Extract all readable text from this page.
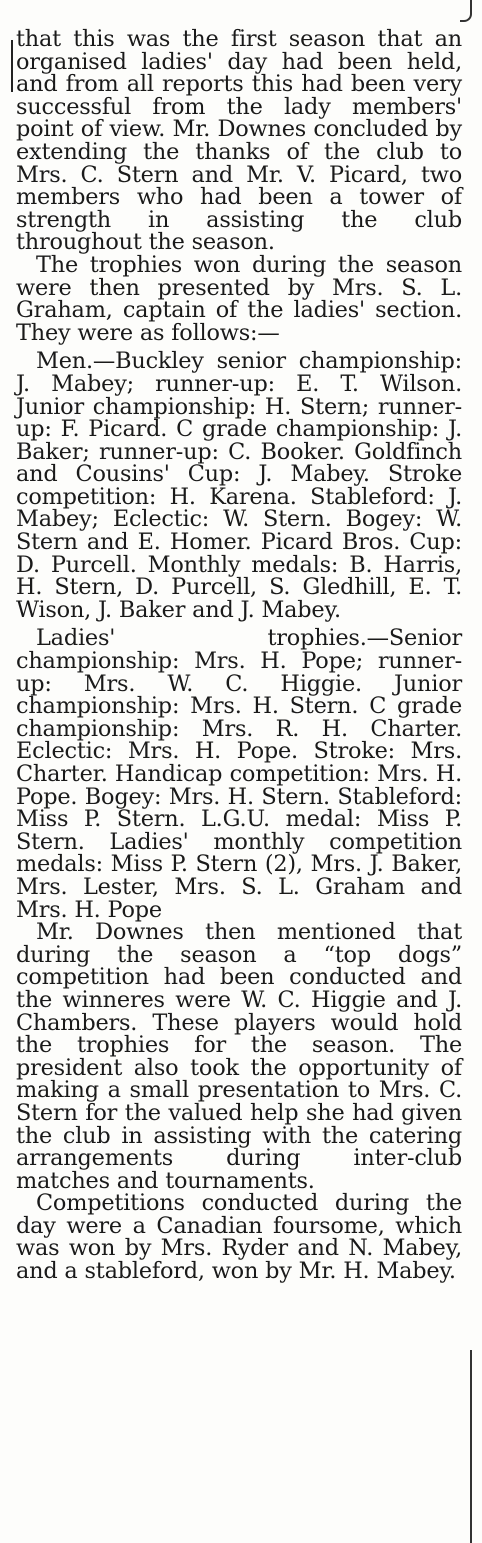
that this was the first season that an organised ladies' day had been held, and from all reports this had been very successful from the lady members' point of view. Mr. Downes concluded by extending the thanks of the club to Mrs. C. Stern and Mr. V. Picard, two members who had been a tower of strength in assisting the club throughout the season.

The trophies won during the season were then presented by Mrs. S. L. Graham, captain of the ladies' section. They were as follows:—

Men.—Buckley senior championship: J. Mabey; runner-up: E. T. Wilson. Junior championship: H. Stern; runner-up: F. Picard. C grade championship: J. Baker; runner-up: C. Booker. Goldfinch and Cousins' Cup: J. Mabey. Stroke competition: H. Karena. Stableford: J. Mabey; Eclectic: W. Stern. Bogey: W. Stern and E. Homer. Picard Bros. Cup: D. Purcell. Monthly medals: B. Harris, H. Stern, D. Purcell, S. Gledhill, E. T. Wison, J. Baker and J. Mabey.

Ladies' trophies.—Senior championship: Mrs. H. Pope; runner-up: Mrs. W. C. Higgie. Junior championship: Mrs. H. Stern. C grade championship: Mrs. R. H. Charter. Eclectic: Mrs. H. Pope. Stroke: Mrs. Charter. Handicap competition: Mrs. H. Pope. Bogey: Mrs. H. Stern. Stableford: Miss P. Stern. L.G.U. medal: Miss P. Stern. Ladies' monthly competition medals: Miss P. Stern (2), Mrs. J. Baker, Mrs. Lester, Mrs. S. L. Graham and Mrs. H. Pope

Mr. Downes then mentioned that during the season a “top dogs” competition had been conducted and the winneres were W. C. Higgie and J. Chambers. These players would hold the trophies for the season. The president also took the opportunity of making a small presentation to Mrs. C. Stern for the valued help she had given the club in assisting with the catering arrangements during inter-club matches and tournaments.

Competitions conducted during the day were a Canadian foursome, which was won by Mrs. Ryder and N. Mabey, and a stableford, won by Mr. H. Mabey.
